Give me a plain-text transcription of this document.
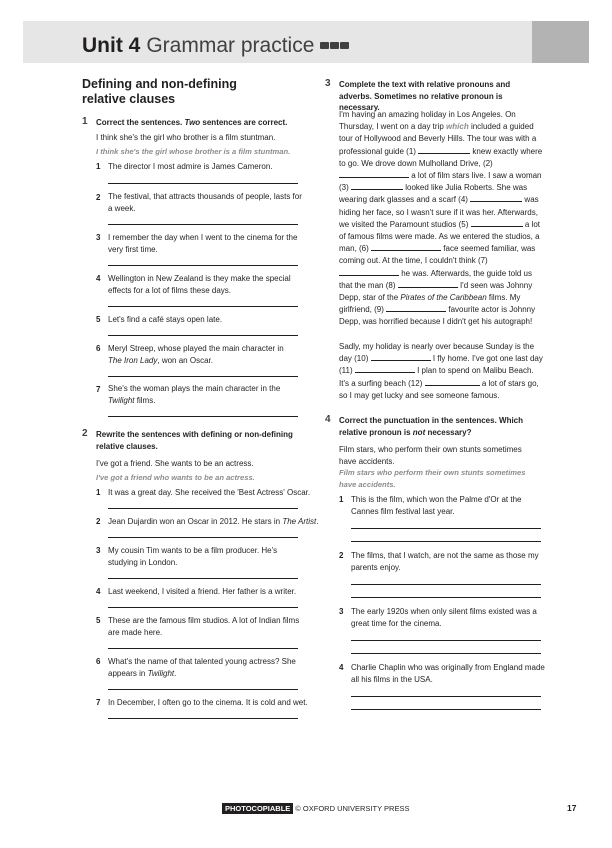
Unit 4 Grammar practice
Defining and non-defining relative clauses
1 Correct the sentences. Two sentences are correct.
I think she's the girl who brother is a film stuntman.
I think she's the girl whose brother is a film stuntman.
1 The director I most admire is James Cameron.
2 The festival, that attracts thousands of people, lasts for
a week.
3 I remember the day when I went to the cinema for the
very first time.
4 Wellington in New Zealand is they make the special
effects for a lot of films these days.
5 Let's find a café stays open late.
6 Meryl Streep, whose played the main character in
The Iron Lady, won an Oscar.
7 She's the woman plays the main character in the
Twilight films.
2 Rewrite the sentences with defining or non-defining relative clauses.
I've got a friend. She wants to be an actress.
I've got a friend who wants to be an actress.
1 It was a great day. She received the 'Best Actress' Oscar.
2 Jean Dujardin won an Oscar in 2012. He stars in The Artist.
3 My cousin Tim wants to be a film producer. He's
studying in London.
4 Last weekend, I visited a friend. Her father is a writer.
5 These are the famous film studios. A lot of Indian films
are made here.
6 What's the name of that talented young actress? She
appears in Twilight.
7 In December, I often go to the cinema. It is cold and wet.
3 Complete the text with relative pronouns and adverbs. Sometimes no relative pronoun is necessary.
I'm having an amazing holiday in Los Angeles. On Thursday, I went on a day trip which included a guided tour of Hollywood and Beverly Hills. The tour was with a professional guide (1)	knew exactly where to go. We drove down Mulholland Drive, (2)  a lot of film stars live. I saw a woman (3)	looked like Julia Roberts. She was wearing dark glasses and a scarf (4)	was hiding her face, so I wasn't sure if it was her. Afterwards, we visited the Paramount studios (5)	a lot of famous films were made. As we entered the studios, a man, (6)	face seemed familiar, was coming out. At the time, I couldn't think (7)  he was. Afterwards, the guide told us that the man (8)	I'd seen was Johnny Depp, star of the Pirates of the Caribbean films. My girlfriend, (9)	favourite actor is Johnny Depp, was horrified because I didn't get his autograph!
Sadly, my holiday is nearly over because Sunday is the day (10)	I fly home. I've got one last day (11)	I plan to spend on Malibu Beach. It's a surfing beach (12)	a lot of stars go, so I may get lucky and see someone famous.
4 Correct the punctuation in the sentences. Which relative pronoun is not necessary?
Film stars, who perform their own stunts sometimes have accidents.
Film stars who perform their own stunts sometimes have accidents.
1 This is the film, which won the Palme d'Or at the
Cannes film festival last year.
2 The films, that I watch, are not the same as those my
parents enjoy.
3 The early 1920s when only silent films existed was a
great time for the cinema.
4 Charlie Chaplin who was originally from England made
all his films in the USA.
PHOTOCOPIABLE © OXFORD UNIVERSITY PRESS	17
